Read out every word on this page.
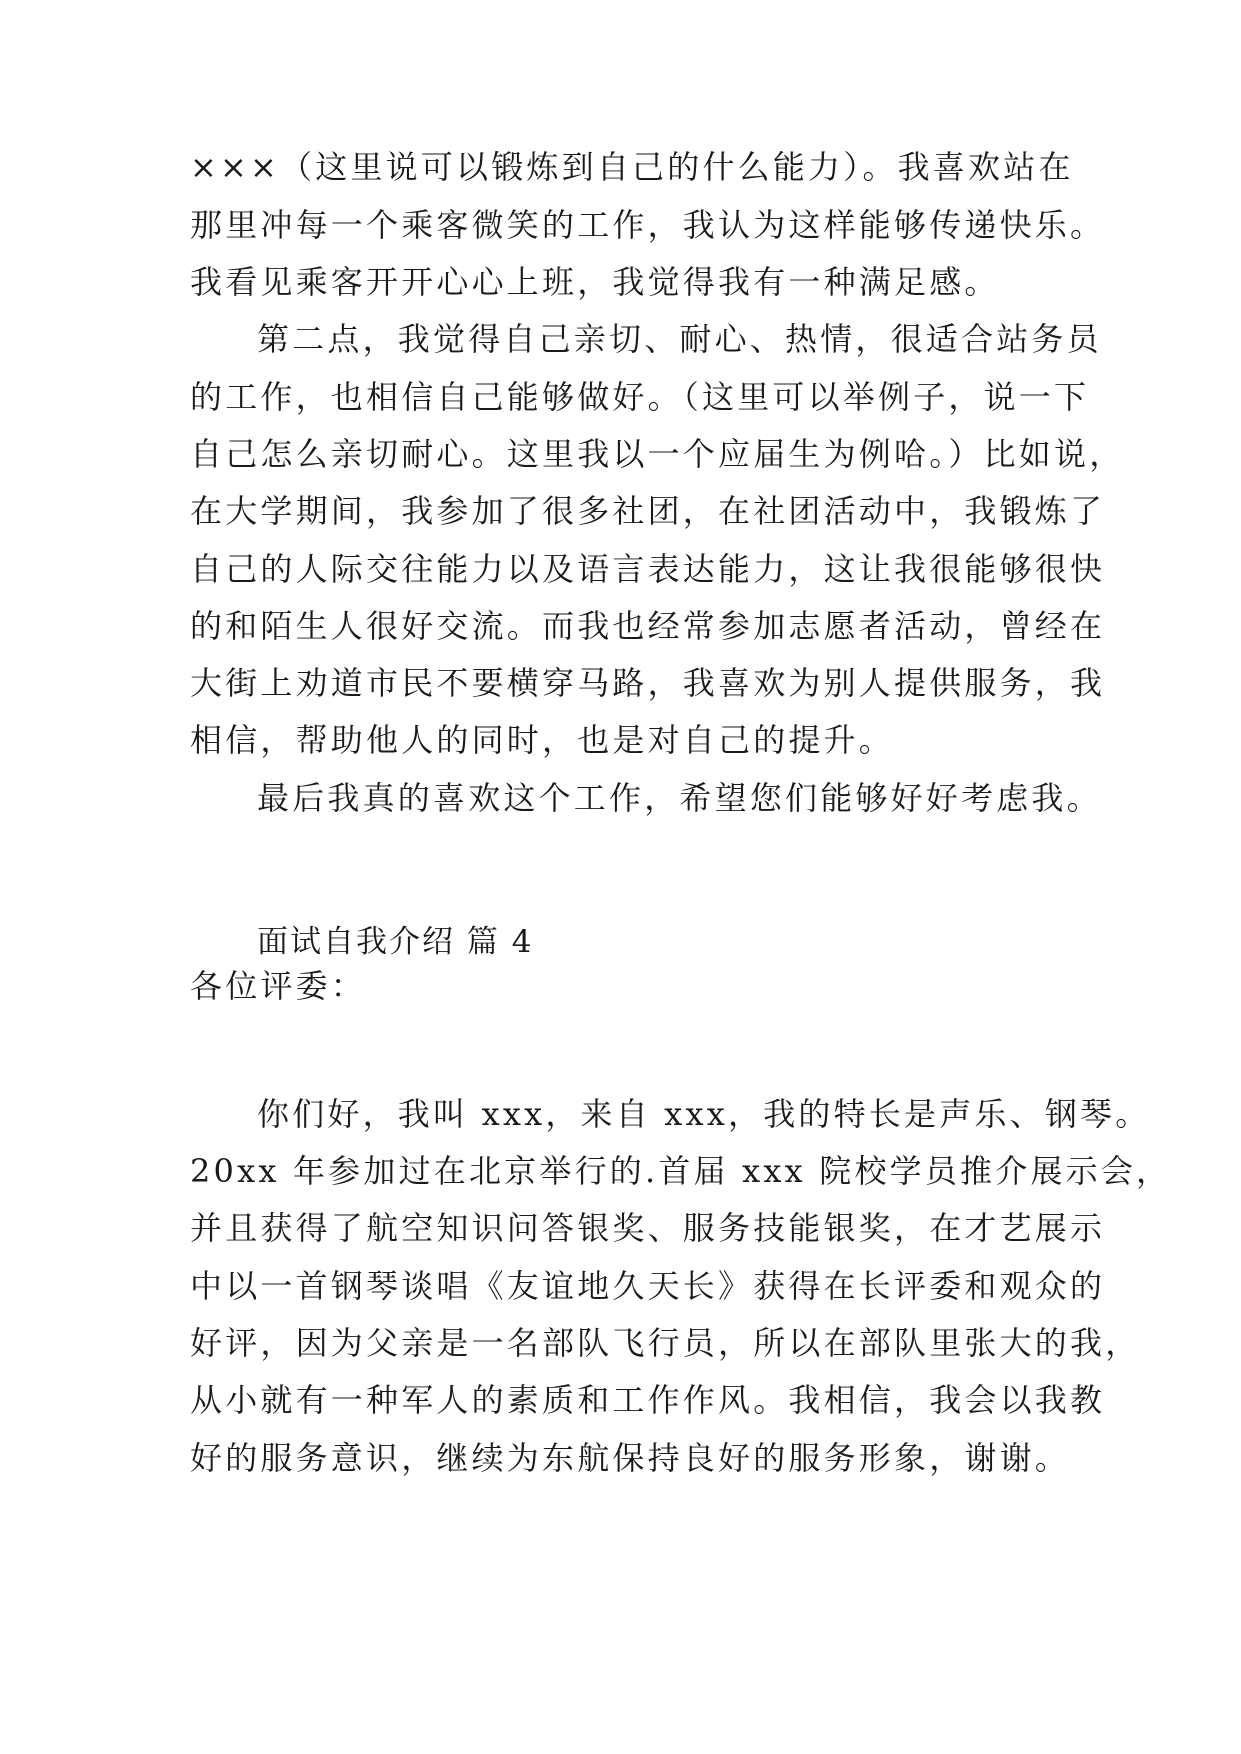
×××（这里说可以锻炼到自己的什么能力）。我喜欢站在
那里冲每一个乘客微笑的工作，我认为这样能够传递快乐。
我看见乘客开开心心上班，我觉得我有一种满足感。
第二点，我觉得自己亲切、耐心、热情，很适合站务员
的工作，也相信自己能够做好。（这里可以举例子，说一下
自己怎么亲切耐心。这里我以一个应届生为例哈。）比如说，
在大学期间，我参加了很多社团，在社团活动中，我锻炼了
自己的人际交往能力以及语言表达能力，这让我很能够很快
的和陌生人很好交流。而我也经常参加志愿者活动，曾经在
大街上劝道市民不要横穿马路，我喜欢为别人提供服务，我
相信，帮助他人的同时，也是对自己的提升。
最后我真的喜欢这个工作，希望您们能够好好考虑我。
面试自我介绍 篇 4
各位评委：
你们好，我叫 xxx，来自 xxx，我的特长是声乐、钢琴。
20xx 年参加过在北京举行的.首届 xxx 院校学员推介展示会，
并且获得了航空知识问答银奖、服务技能银奖，在才艺展示
中以一首钢琴谈唱《友谊地久天长》获得在长评委和观众的
好评，因为父亲是一名部队飞行员，所以在部队里张大的我，
从小就有一种军人的素质和工作作风。我相信，我会以我教
好的服务意识，继续为东航保持良好的服务形象，谢谢。
